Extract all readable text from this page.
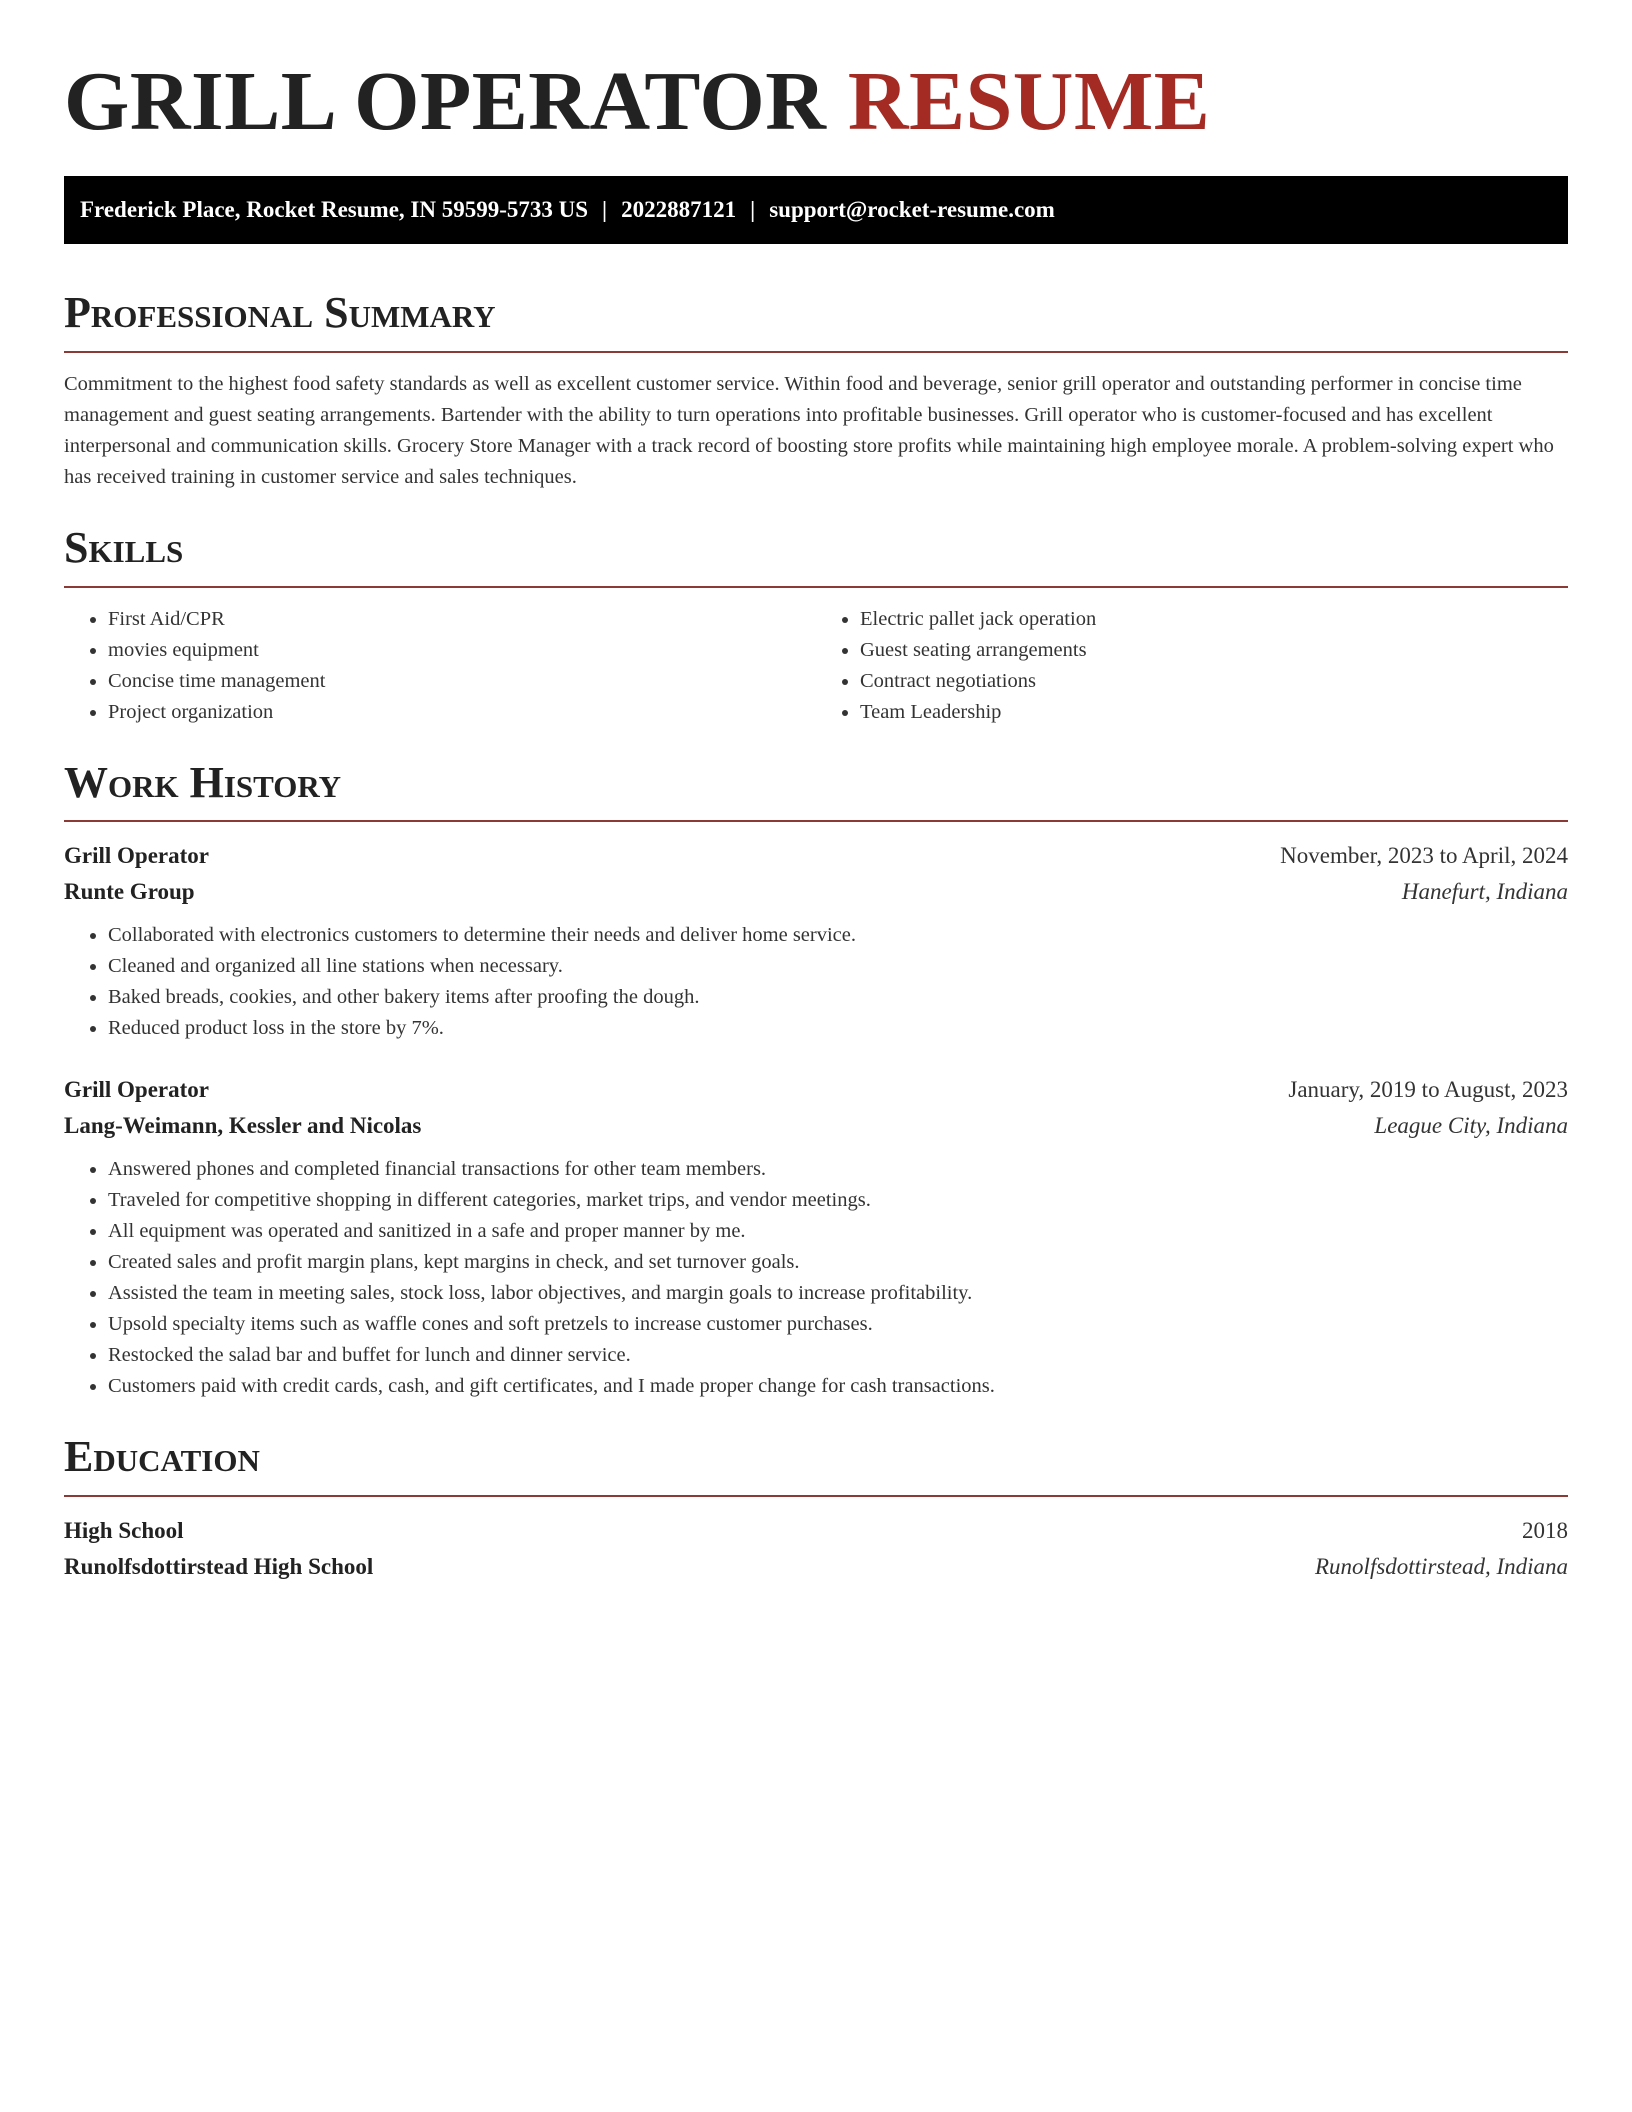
GRILL OPERATOR RESUME
Frederick Place, Rocket Resume, IN 59599-5733 US | 2022887121 | support@rocket-resume.com
Professional Summary

Commitment to the highest food safety standards as well as excellent customer service. Within food and beverage, senior grill operator and outstanding performer in concise time management and guest seating arrangements. Bartender with the ability to turn operations into profitable businesses. Grill operator who is customer-focused and has excellent interpersonal and communication skills. Grocery Store Manager with a track record of boosting store profits while maintaining high employee morale. A problem-solving expert who has received training in customer service and sales techniques.

Skills
• First Aid/CPR
• movies equipment
• Concise time management
• Project organization
• Electric pallet jack operation
• Guest seating arrangements
• Contract negotiations
• Team Leadership
Work History
Grill Operator	November, 2023 to April, 2024
Runte Group	Hanefurt, Indiana
• Collaborated with electronics customers to determine their needs and deliver home service.
• Cleaned and organized all line stations when necessary.
• Baked breads, cookies, and other bakery items after proofing the dough.
• Reduced product loss in the store by 7%.
Grill Operator	January, 2019 to August, 2023
Lang-Weimann, Kessler and Nicolas	League City, Indiana
• Answered phones and completed financial transactions for other team members.
• Traveled for competitive shopping in different categories, market trips, and vendor meetings.
• All equipment was operated and sanitized in a safe and proper manner by me.
• Created sales and profit margin plans, kept margins in check, and set turnover goals.
• Assisted the team in meeting sales, stock loss, labor objectives, and margin goals to increase profitability.
• Upsold specialty items such as waffle cones and soft pretzels to increase customer purchases.
• Restocked the salad bar and buffet for lunch and dinner service.
• Customers paid with credit cards, cash, and gift certificates, and I made proper change for cash transactions.
Education
High School	2018
Runolfsdottirstead High School	Runolfsdottirstead, Indiana
